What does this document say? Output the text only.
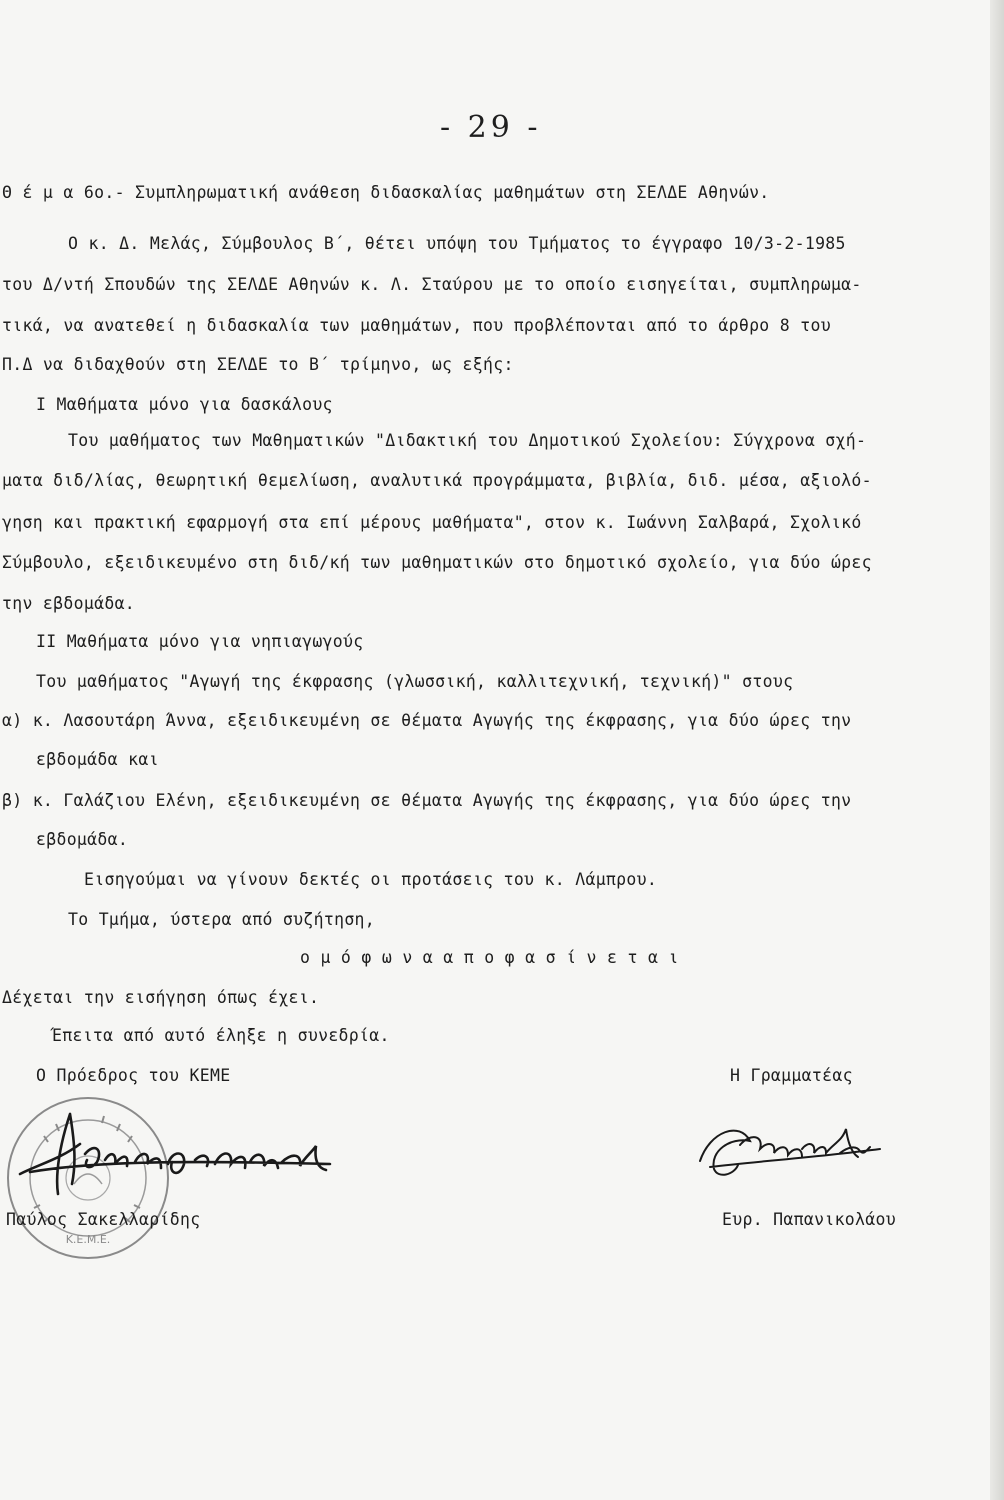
- 29 -
Θ έ μ α 6ο.- Συμπληρωματική ανάθεση διδασκαλίας μαθημάτων στη ΣΕΛΔΕ Αθηνών.
Ο κ. Δ. Μελάς, Σύμβουλος Β΄, θέτει υπόψη του Τμήματος το έγγραφο 10/3-2-1985
του Δ/ντή Σπουδών της ΣΕΛΔΕ Αθηνών κ. Λ. Σταύρου με το οποίο εισηγείται, συμπληρωμα-
τικά, να ανατεθεί η διδασκαλία των μαθημάτων, που προβλέπονται από το άρθρο 8 του
Π.Δ να διδαχθούν στη ΣΕΛΔΕ το Β΄ τρίμηνο, ως εξής:
Ι Μαθήματα μόνο για δασκάλους
Του μαθήματος των Μαθηματικών "Διδακτική του Δημοτικού Σχολείου: Σύγχρονα σχή-
ματα διδ/λίας, θεωρητική θεμελίωση, αναλυτικά προγράμματα, βιβλία, διδ. μέσα, αξιολό-
γηση και πρακτική εφαρμογή στα επί μέρους μαθήματα", στον κ. Ιωάννη Σαλβαρά, Σχολικό
Σύμβουλο, εξειδικευμένο στη διδ/κή των μαθηματικών στο δημοτικό σχολείο, για δύο ώρες
την εβδομάδα.
ΙΙ Μαθήματα μόνο για νηπιαγωγούς
Του μαθήματος "Αγωγή της έκφρασης (γλωσσική, καλλιτεχνική, τεχνική)" στους
α) κ. Λασουτάρη Άννα, εξειδικευμένη σε θέματα Αγωγής της έκφρασης, για δύο ώρες την
εβδομάδα και
β) κ. Γαλάζιου Ελένη, εξειδικευμένη σε θέματα Αγωγής της έκφρασης, για δύο ώρες την
εβδομάδα.
Εισηγούμαι να γίνουν δεκτές οι προτάσεις του κ. Λάμπρου.
Το Τμήμα, ύστερα από συζήτηση,
ο μ ό φ ω ν α α π ο φ α σ ί ν ε τ α ι
Δέχεται την εισήγηση όπως έχει.
Έπειτα από αυτό έληξε η συνεδρία.
Ο Πρόεδρος του ΚΕΜΕ	Η Γραμματέας
Κ.Ε.Μ.Ε.
Παύλος Σακελλαρίδης	Ευρ. Παπανικολάου
